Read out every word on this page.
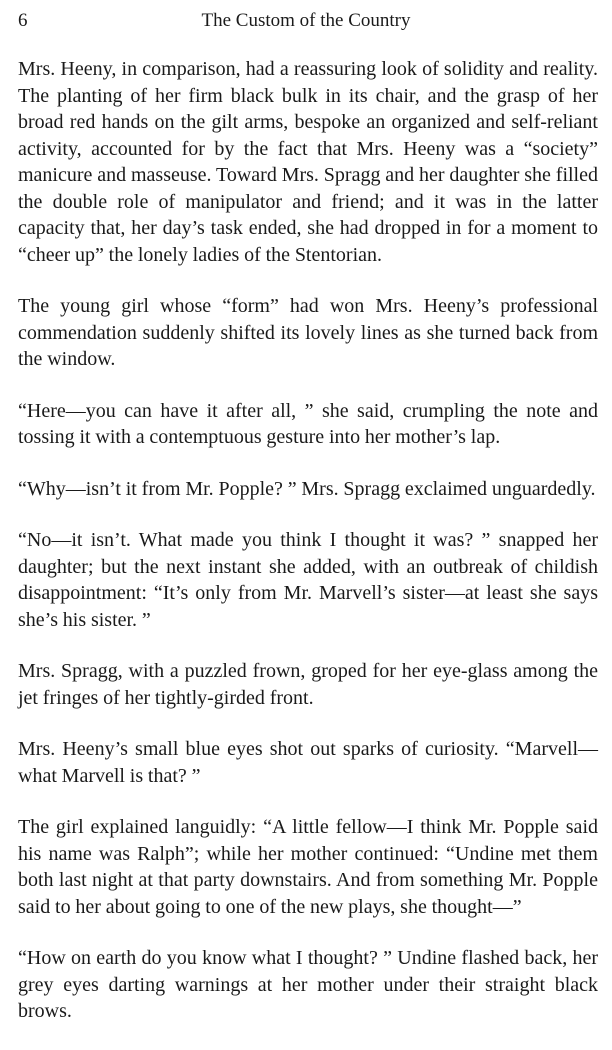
6	The Custom of the Country

Mrs. Heeny, in comparison, had a reassuring look of solidity and reality. The planting of her firm black bulk in its chair, and the grasp of her broad red hands on the gilt arms, bespoke an organized and self-reliant activity, accounted for by the fact that Mrs. Heeny was a “society” manicure and masseuse. Toward Mrs. Spragg and her daughter she filled the double role of manipulator and friend; and it was in the latter capacity that, her day’s task ended, she had dropped in for a moment to “cheer up” the lonely ladies of the Stentorian.

The young girl whose “form” had won Mrs. Heeny’s professional commendation suddenly shifted its lovely lines as she turned back from the window.

“Here—you can have it after all, ” she said, crumpling the note and tossing it with a contemptuous gesture into her mother’s lap.

“Why—isn’t it from Mr. Popple? ” Mrs. Spragg exclaimed unguardedly.

“No—it isn’t. What made you think I thought it was? ” snapped her daughter; but the next instant she added, with an outbreak of childish disappointment: “It’s only from Mr. Marvell’s sister—at least she says she’s his sister. ”

Mrs. Spragg, with a puzzled frown, groped for her eye-glass among the jet fringes of her tightly-girded front.

Mrs. Heeny’s small blue eyes shot out sparks of curiosity. “Marvell—what Marvell is that? ”

The girl explained languidly: “A little fellow—I think Mr. Popple said his name was Ralph”; while her mother continued: “Undine met them both last night at that party downstairs. And from something Mr. Popple said to her about going to one of the new plays, she thought—”

“How on earth do you know what I thought? ” Undine flashed back, her grey eyes darting warnings at her mother under their straight black brows.
